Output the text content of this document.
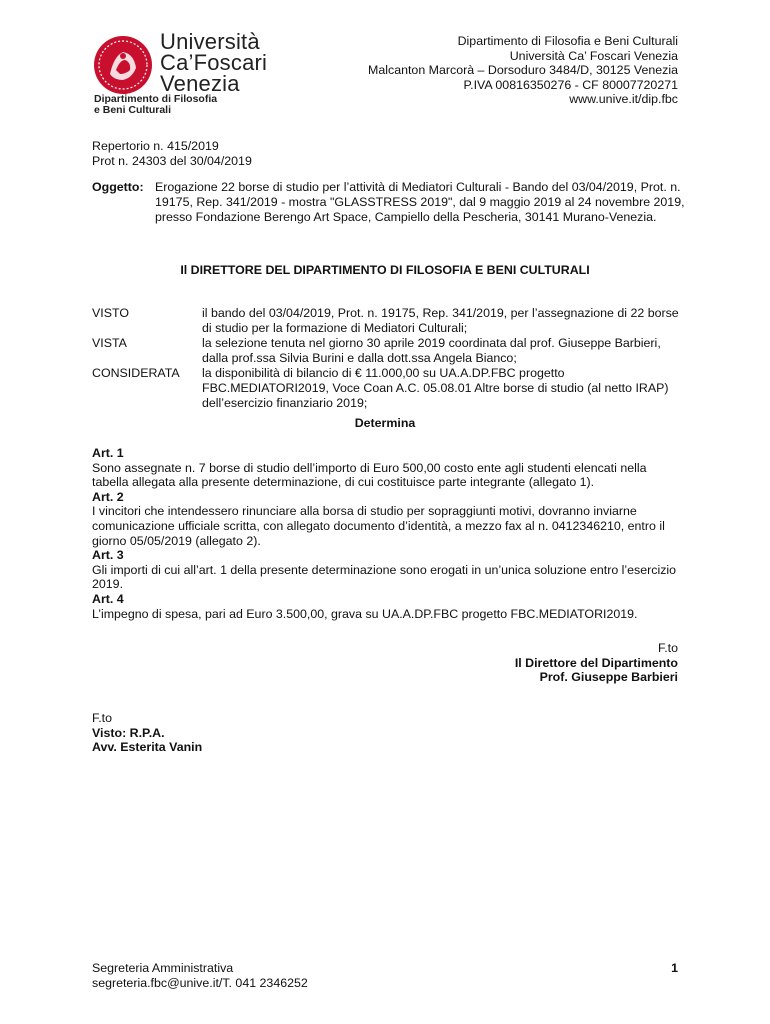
Università
Ca’Foscari
Venezia
Dipartimento di Filosofia
e Beni Culturali
Dipartimento di Filosofia e Beni Culturali
Università Ca’ Foscari Venezia
Malcanton Marcorà – Dorsoduro 3484/D, 30125 Venezia
P.IVA 00816350276 - CF 80007720271
www.unive.it/dip.fbc
Repertorio n. 415/2019
Prot n. 24303 del 30/04/2019
Oggetto: Erogazione 22 borse di studio per l’attività di Mediatori Culturali - Bando del 03/04/2019, Prot. n. 19175, Rep. 341/2019 - mostra "GLASSTRESS 2019", dal 9 maggio 2019 al 24 novembre 2019, presso Fondazione Berengo Art Space, Campiello della Pescheria, 30141 Murano-Venezia.
Il DIRETTORE DEL DIPARTIMENTO DI FILOSOFIA E BENI CULTURALI
VISTO	il bando del 03/04/2019, Prot. n. 19175, Rep. 341/2019, per l’assegnazione di 22 borse di studio per la formazione di Mediatori Culturali;
VISTA	la selezione tenuta nel giorno 30 aprile 2019 coordinata dal prof. Giuseppe Barbieri, dalla prof.ssa Silvia Burini e dalla dott.ssa Angela Bianco;
CONSIDERATA	la disponibilità di bilancio di € 11.000,00 su UA.A.DP.FBC progetto FBC.MEDIATORI2019, Voce Coan A.C. 05.08.01 Altre borse di studio (al netto IRAP) dell’esercizio finanziario 2019;
Determina
Art. 1
Sono assegnate n. 7 borse di studio dell’importo di Euro 500,00 costo ente agli studenti elencati nella tabella allegata alla presente determinazione, di cui costituisce parte integrante (allegato 1).
Art. 2
I vincitori che intendessero rinunciare alla borsa di studio per sopraggiunti motivi, dovranno inviarne comunicazione ufficiale scritta, con allegato documento d’identità, a mezzo fax al n. 0412346210, entro il giorno 05/05/2019 (allegato 2).
Art. 3
Gli importi di cui all’art. 1 della presente determinazione sono erogati in un’unica soluzione entro l’esercizio 2019.
Art. 4
L’impegno di spesa, pari ad Euro 3.500,00, grava su UA.A.DP.FBC progetto FBC.MEDIATORI2019.
F.to
Il Direttore del Dipartimento
Prof. Giuseppe Barbieri
F.to
Visto: R.P.A.
Avv. Esterita Vanin
Segreteria Amministrativa
segreteria.fbc@unive.it/T. 041 2346252
1
